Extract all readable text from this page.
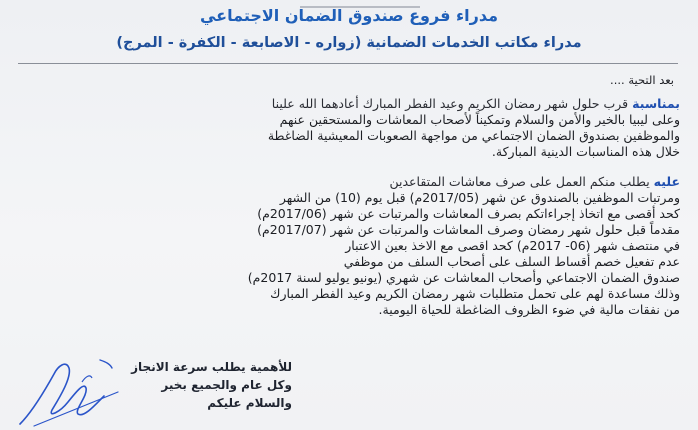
مدراء فروع صندوق الضمان الاجتماعي
مدراء مكاتب الخدمات الضمانية (زواره - الاصابعة - الكفرة - المرج)
بعد التحية ....
بمناسبة قرب حلول شهر رمضان الكريم وعيد الفطر المبارك أعادهما الله علينا
وعلى ليبيا بالخير والأمن والسلام وتمكيناً لأصحاب المعاشات والمستحقين عنهم
والموظفين بصندوق الضمان الاجتماعي من مواجهة الصعوبات المعيشية الضاغطة
خلال هذه المناسبات الدينية المباركة.
عليه يطلب منكم العمل على صرف معاشات المتقاعدين
ومرتبات الموظفين بالصندوق عن شهر (2017/05م) قبل يوم (10) من الشهر
كحد أقصى مع اتخاذ إجراءاتكم بصرف المعاشات والمرتبات عن شهر (2017/06م)
مقدماً قبل حلول شهر رمضان وصرف المعاشات والمرتبات عن شهر (2017/07م)
في منتصف شهر (06- 2017م) كحد اقصى مع الاخذ بعين الاعتبار
عدم تفعيل خصم أقساط السلف على أصحاب السلف من موظفي
صندوق الضمان الاجتماعي وأصحاب المعاشات عن شهري (يونيو يوليو لسنة 2017م)
وذلك مساعدة لهم على تحمل متطلبات شهر رمضان الكريم وعيد الفطر المبارك
من نفقات مالية في ضوء الظروف الضاغطة للحياة اليومية.
للأهمية يطلب سرعة الانجاز
وكل عام والجميع بخير
والسلام عليكم
